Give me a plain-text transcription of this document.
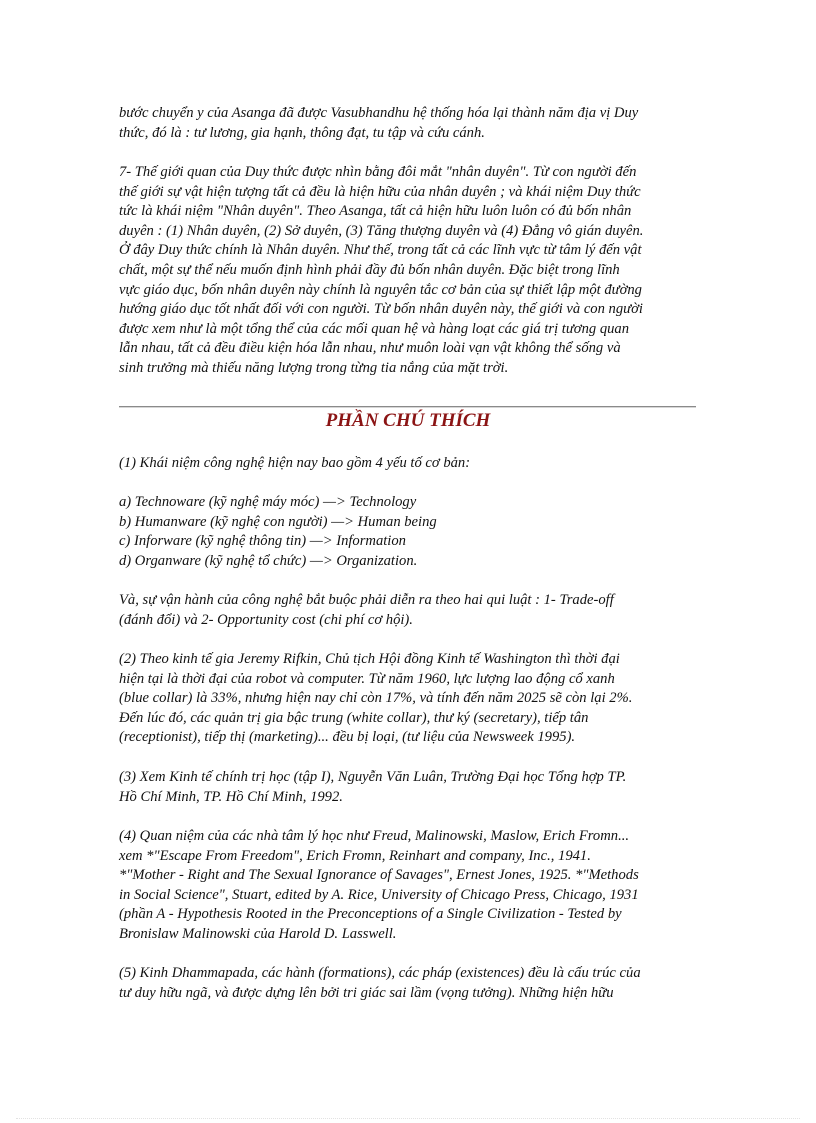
bước chuyển y của Asanga đã được Vasubhandhu hệ thống hóa lại thành năm địa vị Duy
thức, đó là : tư lương, gia hạnh, thông đạt, tu tập và cứu cánh.

7- Thế giới quan của Duy thức được nhìn bằng đôi mắt "nhân duyên". Từ con người đến
thế giới sự vật hiện tượng tất cả đều là hiện hữu của nhân duyên ; và khái niệm Duy thức
tức là khái niệm "Nhân duyên". Theo Asanga, tất cả hiện hữu luôn luôn có đủ bốn nhân
duyên : (1) Nhân duyên, (2) Sở duyên, (3) Tăng thượng duyên và (4) Đẳng vô gián duyên.
Ở đây Duy thức chính là Nhân duyên. Như thế, trong tất cả các lĩnh vực từ tâm lý đến vật
chất, một sự thể nếu muốn định hình phải đầy đủ bốn nhân duyên. Đặc biệt trong lĩnh
vực giáo dục, bốn nhân duyên này chính là nguyên tắc cơ bản của sự thiết lập một đường
hướng giáo dục tốt nhất đối với con người. Từ bốn nhân duyên này, thế giới và con người
được xem như là một tổng thể của các mối quan hệ và hàng loạt các giá trị tương quan
lẫn nhau, tất cả đều điều kiện hóa lẫn nhau, như muôn loài vạn vật không thể sống và
sinh trưởng mà thiếu năng lượng trong từng tia nắng của mặt trời.

PHẦN CHÚ THÍCH

(1) Khái niệm công nghệ hiện nay bao gồm 4 yếu tố cơ bản:

a) Technoware (kỹ nghệ máy móc) —> Technology
b) Humanware (kỹ nghệ con người) —> Human being
c) Inforware (kỹ nghệ thông tin) —> Information
d) Organware (kỹ nghệ tổ chức) —> Organization.

Và, sự vận hành của công nghệ bắt buộc phải diễn ra theo hai qui luật : 1- Trade-off
(đánh đổi) và 2- Opportunity cost (chi phí cơ hội).

(2) Theo kinh tế gia Jeremy Rifkin, Chủ tịch Hội đồng Kinh tế Washington thì thời đại
hiện tại là thời đại của robot và computer. Từ năm 1960, lực lượng lao động cổ xanh
(blue collar) là 33%, nhưng hiện nay chỉ còn 17%, và tính đến năm 2025 sẽ còn lại 2%.
Đến lúc đó, các quản trị gia bậc trung (white collar), thư ký (secretary), tiếp tân
(receptionist), tiếp thị (marketing)... đều bị loại, (tư liệu của Newsweek 1995).

(3) Xem Kinh tế chính trị học (tập I), Nguyễn Văn Luân, Trường Đại học Tổng hợp TP.
Hồ Chí Minh, TP. Hồ Chí Minh, 1992.

(4) Quan niệm của các nhà tâm lý học như Freud, Malinowski, Maslow, Erich Fromn...
xem *"Escape From Freedom", Erich Fromn, Reinhart and company, Inc., 1941.
*"Mother - Right and The Sexual Ignorance of Savages", Ernest Jones, 1925. *"Methods
in Social Science", Stuart, edited by A. Rice, University of Chicago Press, Chicago, 1931
(phần A - Hypothesis Rooted in the Preconceptions of a Single Civilization - Tested by
Bronislaw Malinowski của Harold D. Lasswell.

(5) Kinh Dhammapada, các hành (formations), các pháp (existences) đều là cấu trúc của
tư duy hữu ngã, và được dựng lên bởi tri giác sai lầm (vọng tưởng). Những hiện hữu
